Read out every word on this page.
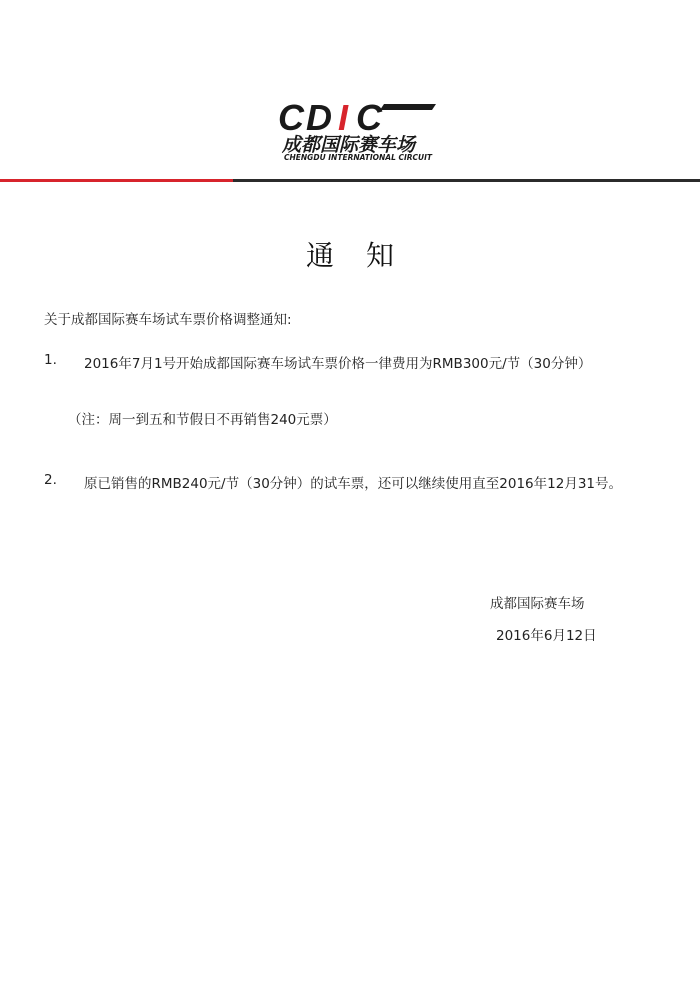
CD I C
成都国际赛车场
CHENGDU INTERNATIONAL CIRCUIT
通知
关于成都国际赛车场试车票价格调整通知:
1. 2016年7月1号开始成都国际赛车场试车票价格一律费用为RMB300元/节（30分钟）
（注：周一到五和节假日不再销售240元票）
2. 原已销售的RMB240元/节（30分钟）的试车票，还可以继续使用直至2016年12月31号。
成都国际赛车场
2016年6月12日
